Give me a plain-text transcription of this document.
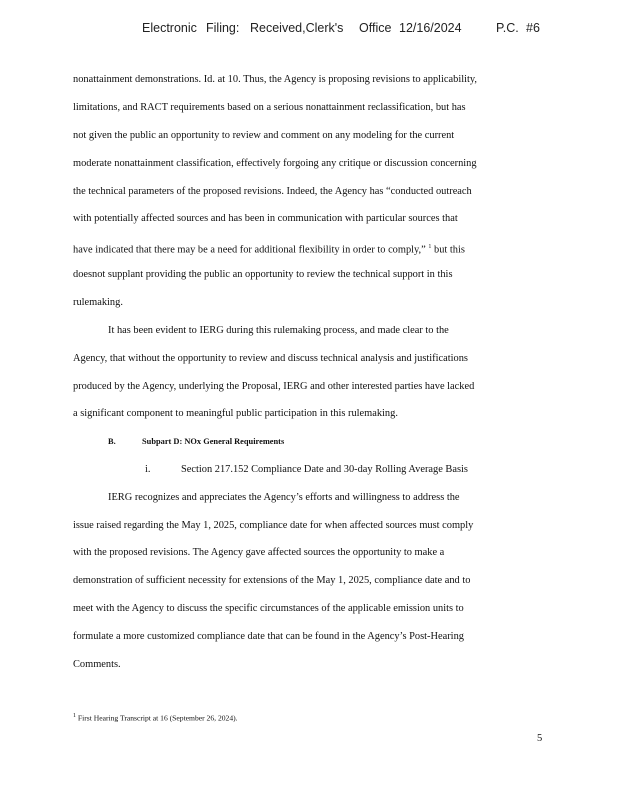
Electronic Filing: Received,Clerk's Office 12/16/2024	P.C. #6
nonattainment demonstrations. Id. at 10. Thus, the Agency is proposing revisions to applicability,
limitations, and RACT requirements based on a serious nonattainment reclassification, but has
not given the public an opportunity to review and comment on any modeling for the current
moderate nonattainment classification, effectively forgoing any critique or discussion concerning
the technical parameters of the proposed revisions. Indeed, the Agency has “conducted outreach
with potentially affected sources and has been in communication with particular sources that
have indicated that there may be a need for additional flexibility in order to comply,” $^1$ but this
doesnot supplant providing the public an opportunity to review the technical support in this
rulemaking.
It has been evident to IERG during this rulemaking process, and made clear to the
Agency, that without the opportunity to review and discuss technical analysis and justifications
produced by the Agency, underlying the Proposal, IERG and other interested parties have lacked
a significant component to meaningful public participation in this rulemaking.
B.	Subpart D: NOx General Requirements
i.	Section 217.152 Compliance Date and 30-day Rolling Average Basis
IERG recognizes and appreciates the Agency’s efforts and willingness to address the
issue raised regarding the May 1, 2025, compliance date for when affected sources must comply
with the proposed revisions. The Agency gave affected sources the opportunity to make a
demonstration of sufficient necessity for extensions of the May 1, 2025, compliance date and to
meet with the Agency to discuss the specific circumstances of the applicable emission units to
formulate a more customized compliance date that can be found in the Agency’s Post-Hearing
Comments.
$^1$ First Hearing Transcript at 16 (September 26, 2024).
5
